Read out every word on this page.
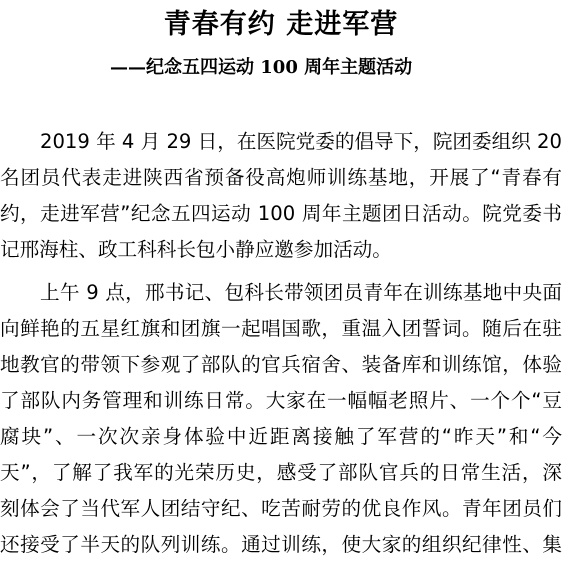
青春有约 走进军营
——纪念五四运动 100 周年主题活动
2019 年 4 月 29 日，在医院党委的倡导下，院团委组织 20
名团员代表走进陕西省预备役高炮师训练基地，开展了“青春有
约，走进军营”纪念五四运动 100 周年主题团日活动。院党委书
记邢海柱、政工科科长包小静应邀参加活动。
上午 9 点，邢书记、包科长带领团员青年在训练基地中央面
向鲜艳的五星红旗和团旗一起唱国歌，重温入团誓词。随后在驻
地教官的带领下参观了部队的官兵宿舍、装备库和训练馆，体验
了部队内务管理和训练日常。大家在一幅幅老照片、一个个“豆
腐块”、一次次亲身体验中近距离接触了军营的“昨天”和“今
天”，了解了我军的光荣历史，感受了部队官兵的日常生活，深
刻体会了当代军人团结守纪、吃苦耐劳的优良作风。青年团员们
还接受了半天的队列训练。通过训练，使大家的组织纪律性、集
